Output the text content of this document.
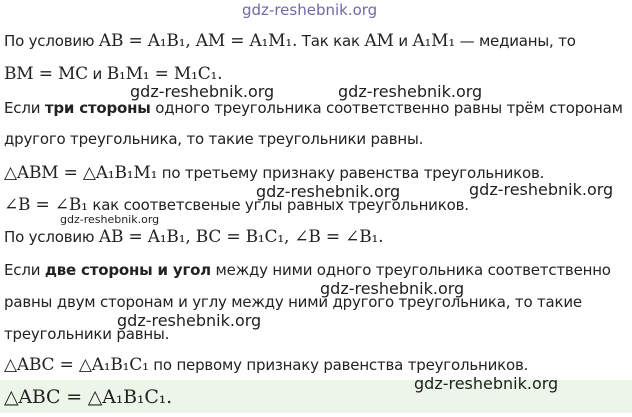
gdz-reshebnik.org
По условию AB = A₁B₁, AM = A₁M₁. Так как AM и A₁M₁ — медианы, то
BM = MC и B₁M₁ = M₁C₁.
gdz-reshebnik.org	gdz-reshebnik.org
Если три стороны одного треугольника соответственно равны трём сторонам
другого треугольника, то такие треугольники равны.
△ABM = △A₁B₁M₁ по третьему признаку равенства треугольников.
gdz-reshebnik.org	gdz-reshebnik.org
∠B = ∠B₁ как соответсвеные углы равных треугольников.
gdz-reshebnik.org
По условию AB = A₁B₁, BC = B₁C₁, ∠B = ∠B₁.
Если две стороны и угол между ними одного треугольника соответственно
gdz-reshebnik.org
равны двум сторонам и углу между ними другого треугольника, то такие
gdz-reshebnik.org
треугольники равны.
△ABC = △A₁B₁C₁ по первому признаку равенства треугольников.
gdz-reshebnik.org
△ABC = △A₁B₁C₁.
